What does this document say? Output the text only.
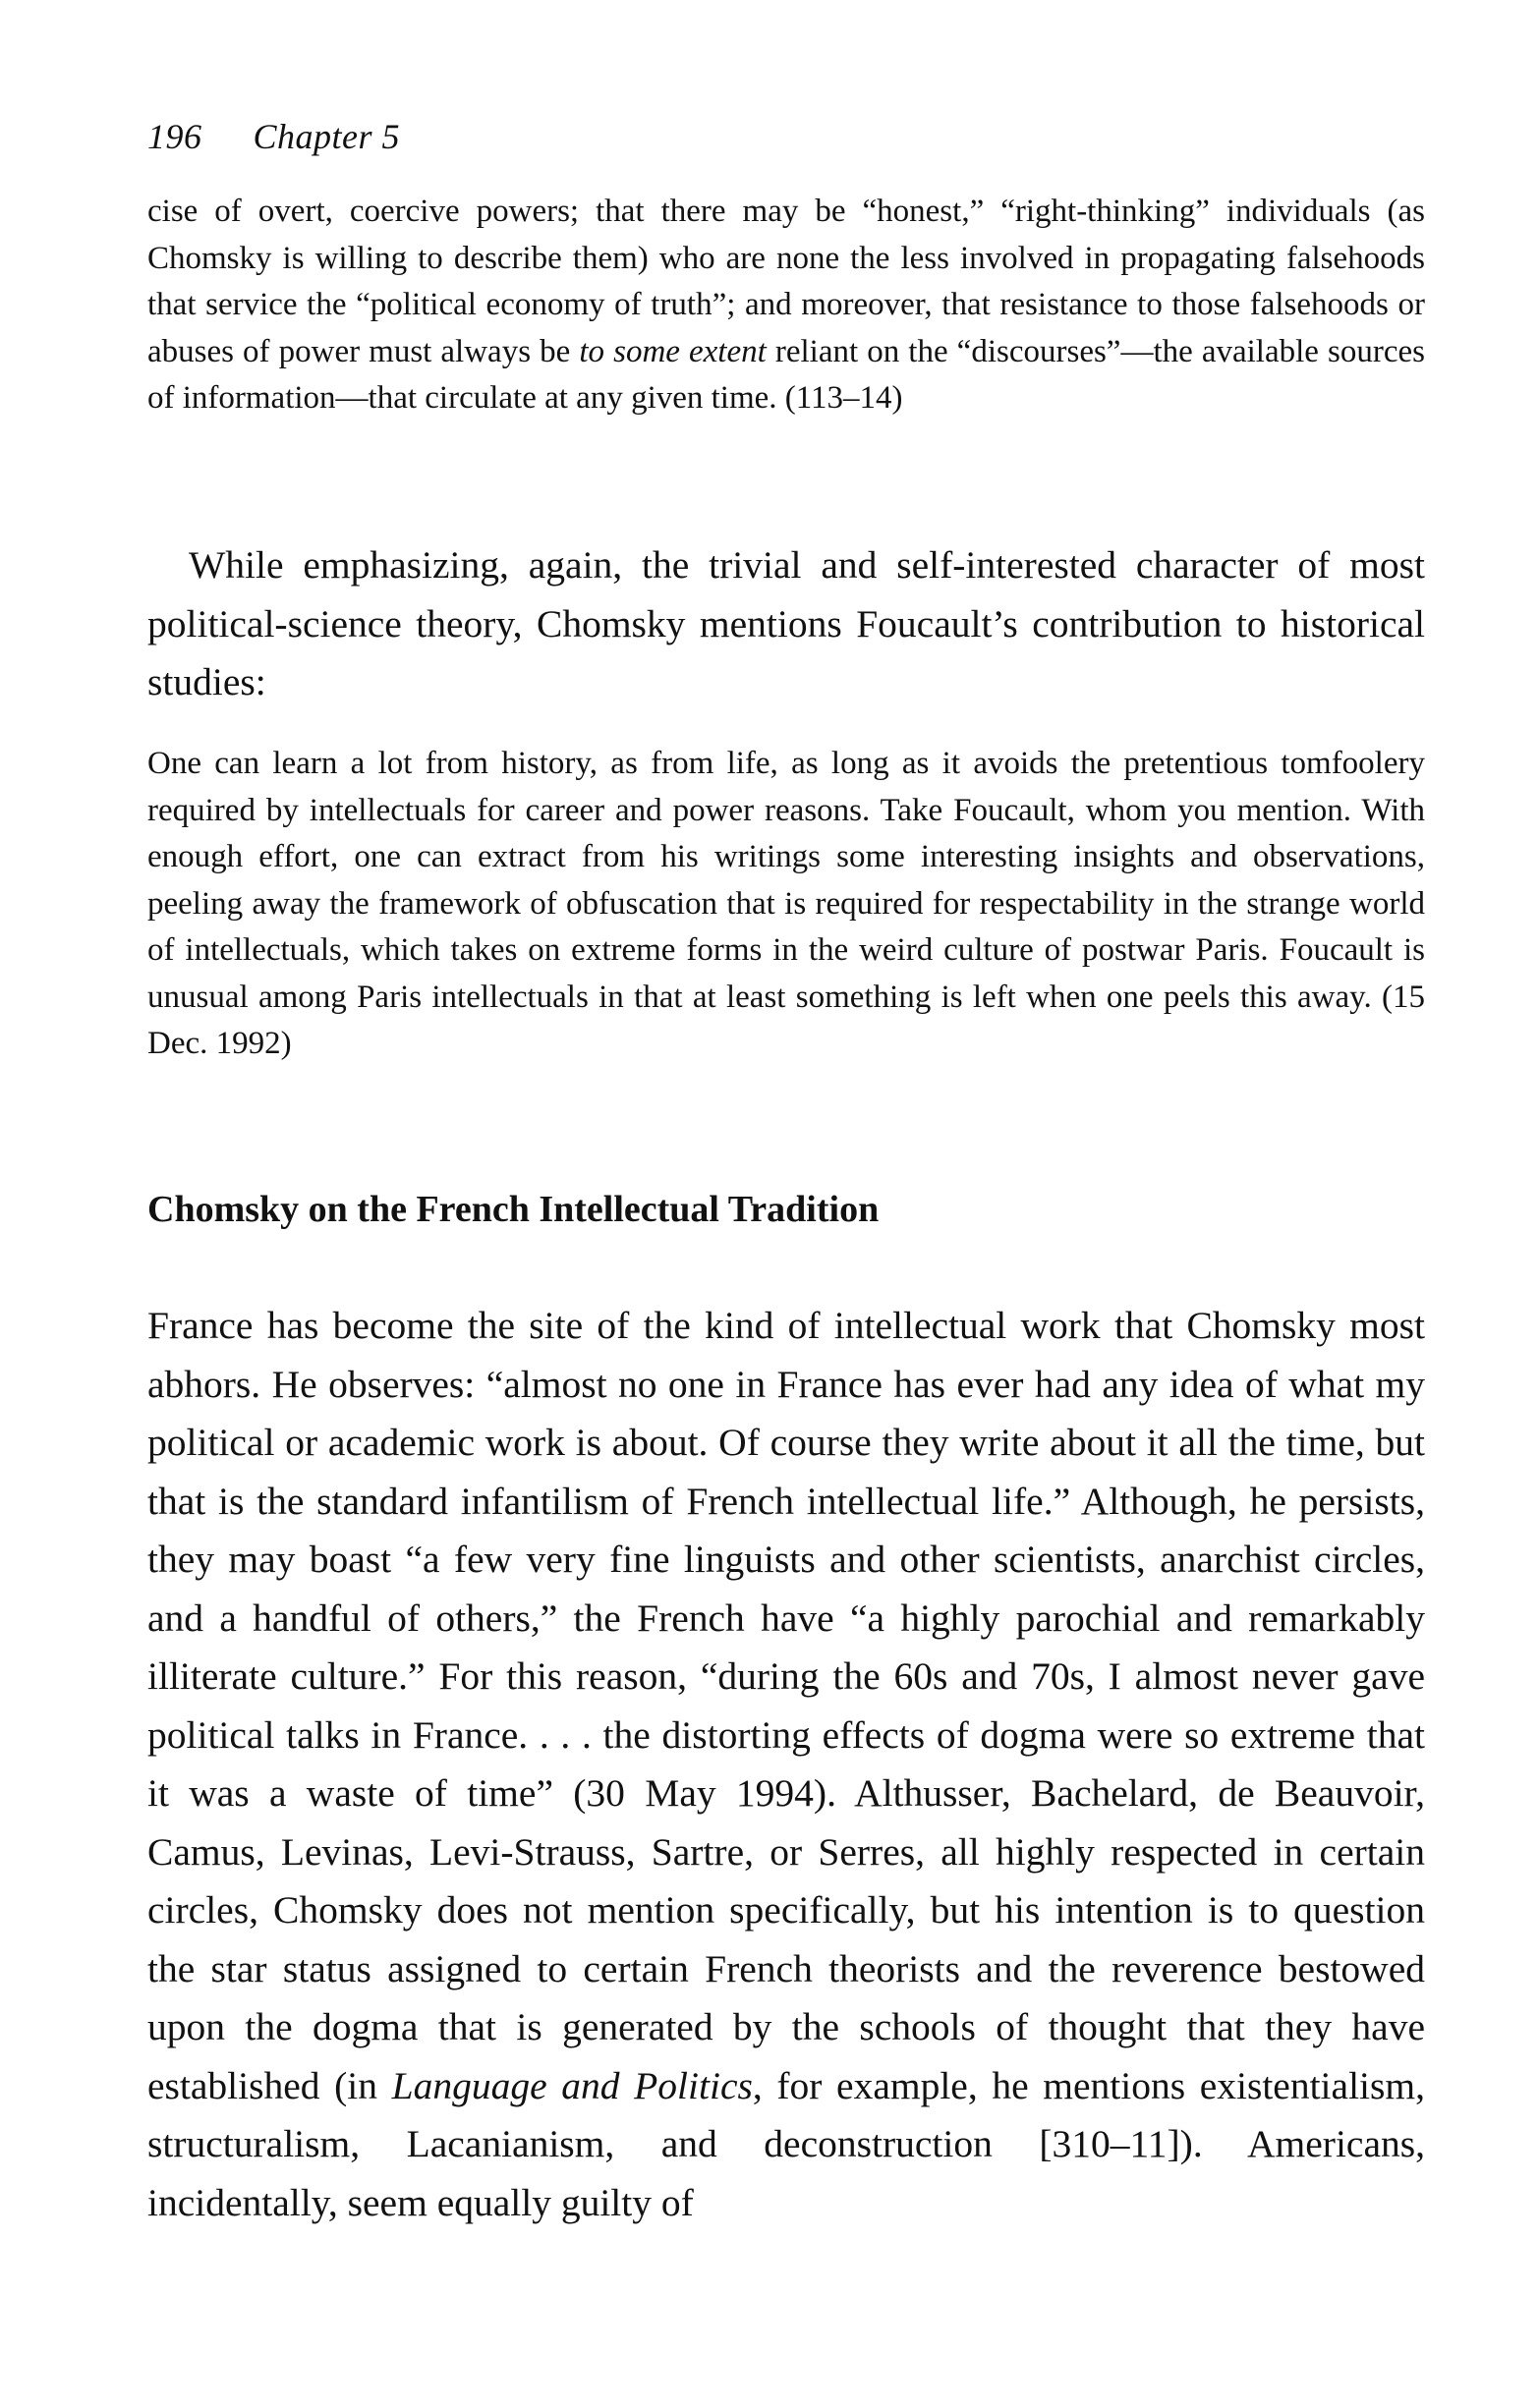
196 Chapter 5

cise of overt, coercive powers; that there may be “honest,” “right-thinking” individuals (as Chomsky is willing to describe them) who are none the less involved in propagating falsehoods that service the “political economy of truth”; and moreover, that resistance to those falsehoods or abuses of power must always be to some extent reliant on the “discourses”—the available sources of information—that circulate at any given time. (113–14)

While emphasizing, again, the trivial and self-interested character of most political-science theory, Chomsky mentions Foucault’s contribution to historical studies:

One can learn a lot from history, as from life, as long as it avoids the pretentious tomfoolery required by intellectuals for career and power reasons. Take Foucault, whom you mention. With enough effort, one can extract from his writings some interesting insights and observations, peeling away the framework of obfuscation that is required for respectability in the strange world of intellectuals, which takes on extreme forms in the weird culture of postwar Paris. Foucault is unusual among Paris intellectuals in that at least something is left when one peels this away. (15 Dec. 1992)

Chomsky on the French Intellectual Tradition

France has become the site of the kind of intellectual work that Chomsky most abhors. He observes: “almost no one in France has ever had any idea of what my political or academic work is about. Of course they write about it all the time, but that is the standard infantilism of French intellectual life.” Although, he persists, they may boast “a few very fine linguists and other scientists, anarchist circles, and a handful of others,” the French have “a highly parochial and remarkably illiterate culture.” For this reason, “during the 60s and 70s, I almost never gave political talks in France. . . . the distorting effects of dogma were so extreme that it was a waste of time” (30 May 1994). Althusser, Bachelard, de Beauvoir, Camus, Levinas, Levi-Strauss, Sartre, or Serres, all highly respected in certain circles, Chomsky does not mention specifically, but his intention is to question the star status assigned to certain French theorists and the reverence bestowed upon the dogma that is generated by the schools of thought that they have established (in Language and Politics, for example, he mentions existentialism, structuralism, Lacanianism, and deconstruction [310–11]). Americans, incidentally, seem equally guilty of
